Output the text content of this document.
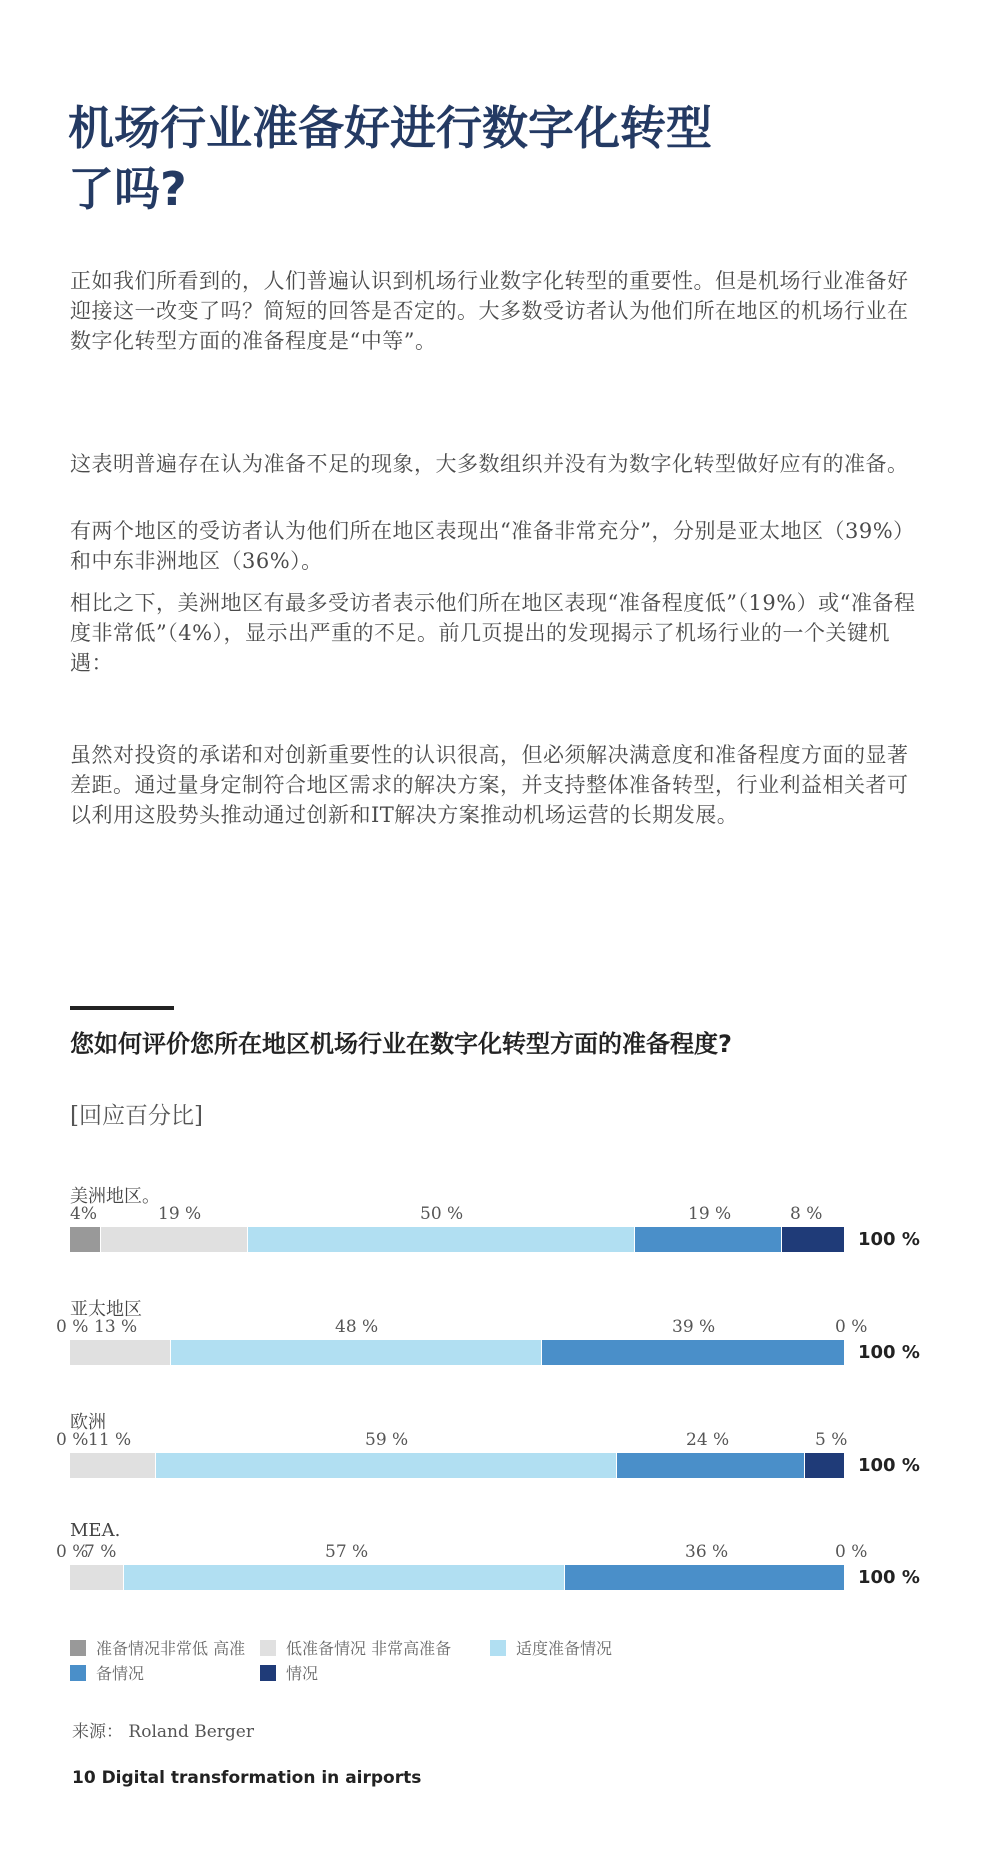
机场行业准备好进行数字化转型
了吗?

正如我们所看到的，人们普遍认识到机场行业数字化转型的重要性。但是机场行业准备好迎接这一改变了吗？简短的回答是否定的。大多数受访者认为他们所在地区的机场行业在数字化转型方面的准备程度是“中等”。

这表明普遍存在认为准备不足的现象，大多数组织并没有为数字化转型做好应有的准备。

有两个地区的受访者认为他们所在地区表现出“准备非常充分”，分别是亚太地区（39%）和中东非洲地区（36%）。

相比之下，美洲地区有最多受访者表示他们所在地区表现“准备程度低”（19%）或“准备程度非常低”（4%），显示出严重的不足。前几页提出的发现揭示了机场行业的一个关键机遇：

虽然对投资的承诺和对创新重要性的认识很高，但必须解决满意度和准备程度方面的显著差距。通过量身定制符合地区需求的解决方案，并支持整体准备转型，行业利益相关者可以利用这股势头推动通过创新和IT解决方案推动机场运营的长期发展。

您如何评价您所在地区机场行业在数字化转型方面的准备程度?
[回应百分比]
美洲地区。
4%	19 %	50 %	19 %	8 %
100 %
亚太地区
0 % 13 %	48 %	39 %	0 %
100 %
欧洲
0 % 11 %	59 %	24 %	5 %
100 %
MEA.
0 %
7 %	57 %	36 %	0 %
100 %
准备情况非常低 高准	低准备情况 非常高准备	适度准备情况
备情况	情况
来源： Roland Berger
10 Digital transformation in airports
